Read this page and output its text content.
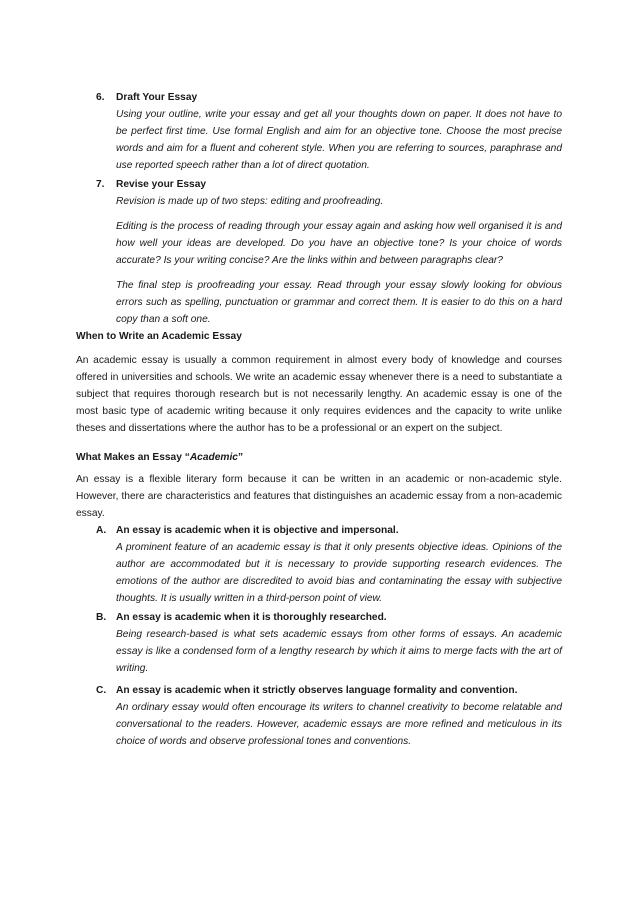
6. Draft Your Essay

Using your outline, write your essay and get all your thoughts down on paper. It does not have to be perfect first time. Use formal English and aim for an objective tone. Choose the most precise words and aim for a fluent and coherent style. When you are referring to sources, paraphrase and use reported speech rather than a lot of direct quotation.

7. Revise your Essay

Revision is made up of two steps: editing and proofreading.

Editing is the process of reading through your essay again and asking how well organised it is and how well your ideas are developed. Do you have an objective tone? Is your choice of words accurate? Is your writing concise? Are the links within and between paragraphs clear?

The final step is proofreading your essay. Read through your essay slowly looking for obvious errors such as spelling, punctuation or grammar and correct them. It is easier to do this on a hard copy than a soft one.

When to Write an Academic Essay

An academic essay is usually a common requirement in almost every body of knowledge and courses offered in universities and schools. We write an academic essay whenever there is a need to substantiate a subject that requires thorough research but is not necessarily lengthy. An academic essay is one of the most basic type of academic writing because it only requires evidences and the capacity to write unlike theses and dissertations where the author has to be a professional or an expert on the subject.

What Makes an Essay “Academic”

An essay is a flexible literary form because it can be written in an academic or non-academic style. However, there are characteristics and features that distinguishes an academic essay from a non-academic essay.

A. An essay is academic when it is objective and impersonal.

A prominent feature of an academic essay is that it only presents objective ideas. Opinions of the author are accommodated but it is necessary to provide supporting research evidences. The emotions of the author are discredited to avoid bias and contaminating the essay with subjective thoughts. It is usually written in a third-person point of view.

B. An essay is academic when it is thoroughly researched.

Being research-based is what sets academic essays from other forms of essays. An academic essay is like a condensed form of a lengthy research by which it aims to merge facts with the art of writing.

C. An essay is academic when it strictly observes language formality and convention.

An ordinary essay would often encourage its writers to channel creativity to become relatable and conversational to the readers. However, academic essays are more refined and meticulous in its choice of words and observe professional tones and conventions.
